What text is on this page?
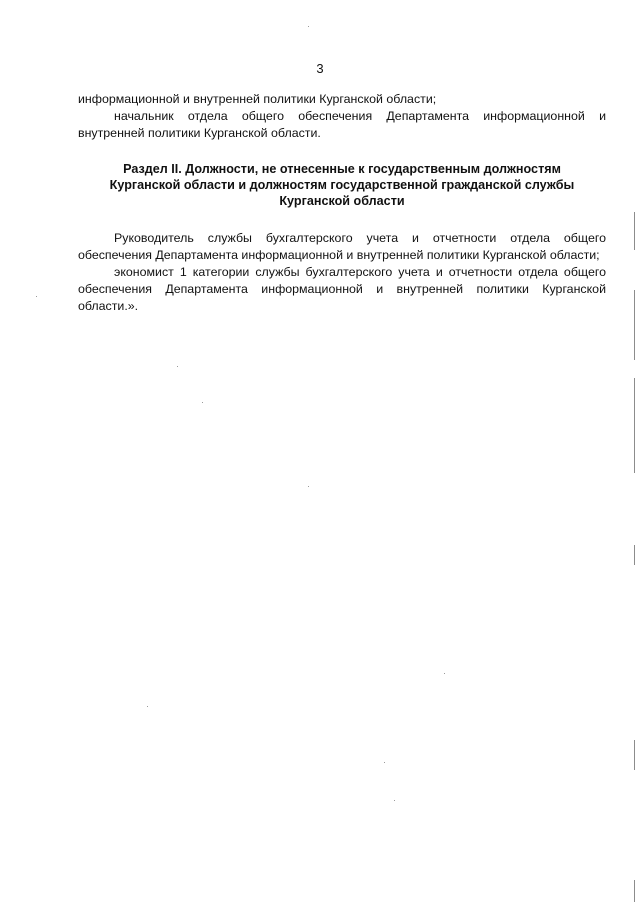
3

информационной и внутренней политики Курганской области;

начальник отдела общего обеспечения Департамента информационной и внутренней политики Курганской области.

Раздел II. Должности, не отнесенные к государственным должностям
Курганской области и должностям государственной гражданской службы
Курганской области

Руководитель службы бухгалтерского учета и отчетности отдела общего обеспечения Департамента информационной и внутренней политики Курганской области;

экономист 1 категории службы бухгалтерского учета и отчетности отдела общего обеспечения Департамента информационной и внутренней политики Курганской области.».
